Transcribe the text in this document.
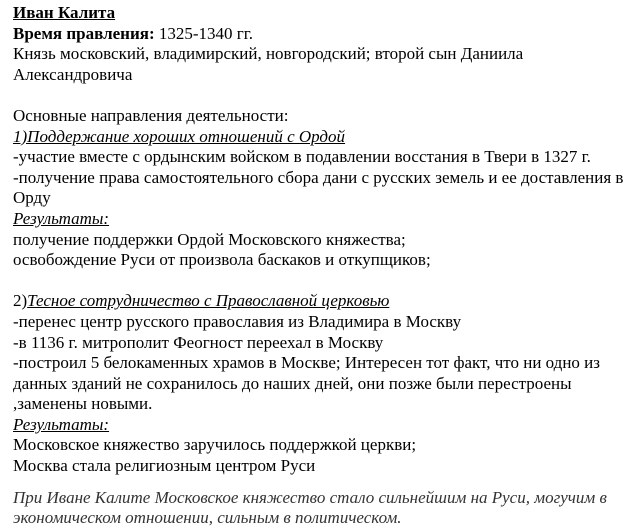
Иван Калита
Время правления: 1325-1340 гг.
Князь московский, владимирский, новгородский; второй сын Даниила
Александровича
Основные направления деятельности:
1)Поддержание хороших отношений с Ордой
-участие вместе с ордынским войском в подавлении восстания в Твери в 1327 г.
-получение права самостоятельного сбора дани с русских земель и ее доставления в
Орду
Результаты:
получение поддержки Ордой Московского княжества;
освобождение Руси от произвола баскаков и откупщиков;
2)Тесное сотрудничество с Православной церковью
-перенес центр русского православия из Владимира в Москву
-в 1136 г. митрополит Феогност переехал в Москву
-построил 5 белокаменных храмов в Москве; Интересен тот факт, что ни одно из
данных зданий не сохранилось до наших дней, они позже были перестроены
,заменены новыми.
Результаты:
Московское княжество заручилось поддержкой церкви;
Москва стала религиозным центром Руси
При Иване Калите Московское княжество стало сильнейшим на Руси, могучим в
экономическом отношении, сильным в политическом.
